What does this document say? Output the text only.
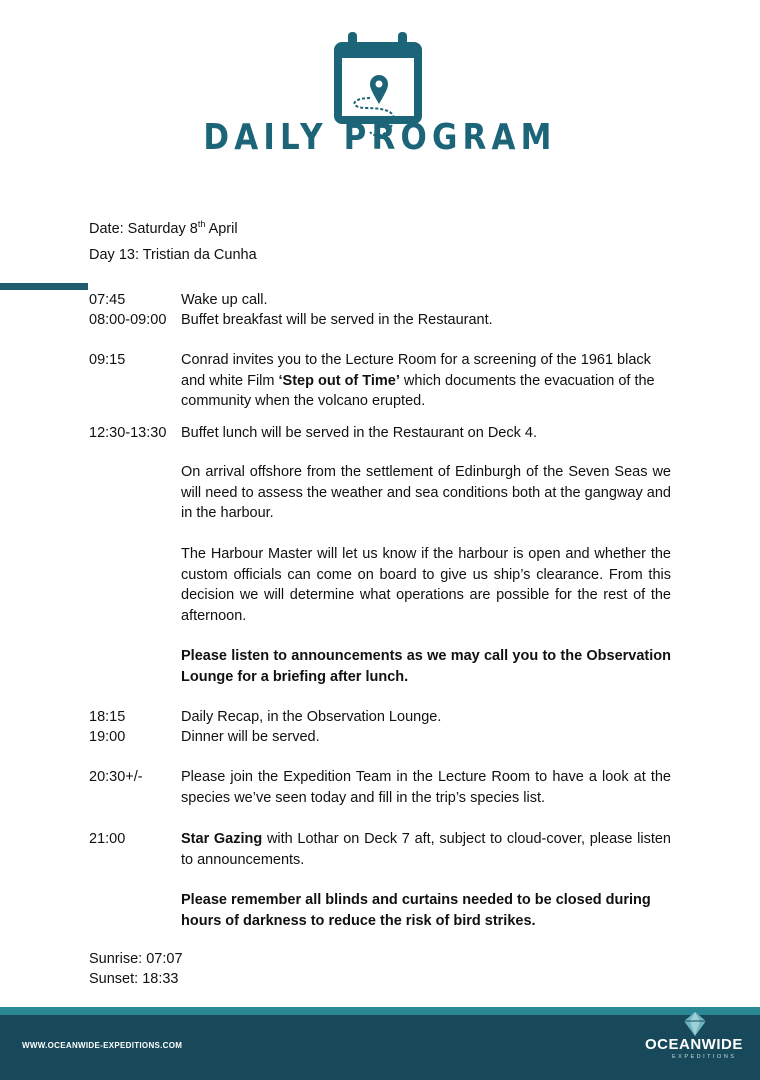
DAILY PROGRAM
Date: Saturday 8th April
Day 13: Tristian da Cunha
07:45	Wake up call.
08:00-09:00	Buffet breakfast will be served in the Restaurant.
09:15	Conrad invites you to the Lecture Room for a screening of the 1961 black and white Film ‘Step out of Time’ which documents the evacuation of the community when the volcano erupted.
12:30-13:30	Buffet lunch will be served in the Restaurant on Deck 4.
On arrival offshore from the settlement of Edinburgh of the Seven Seas we will need to assess the weather and sea conditions both at the gangway and in the harbour.
The Harbour Master will let us know if the harbour is open and whether the custom officials can come on board to give us ship’s clearance. From this decision we will determine what operations are possible for the rest of the afternoon.
Please listen to announcements as we may call you to the Observation Lounge for a briefing after lunch.
18:15	Daily Recap, in the Observation Lounge.
19:00	Dinner will be served.
20:30+/-	Please join the Expedition Team in the Lecture Room to have a look at the species we’ve seen today and fill in the trip’s species list.
21:00	Star Gazing with Lothar on Deck 7 aft, subject to cloud-cover, please listen to announcements.
Please remember all blinds and curtains needed to be closed during hours of darkness to reduce the risk of bird strikes.
Sunrise: 07:07
Sunset: 18:33
WWW.OCEANWIDE-EXPEDITIONS.COM	OCEANWIDE
EXPEDITIONS
